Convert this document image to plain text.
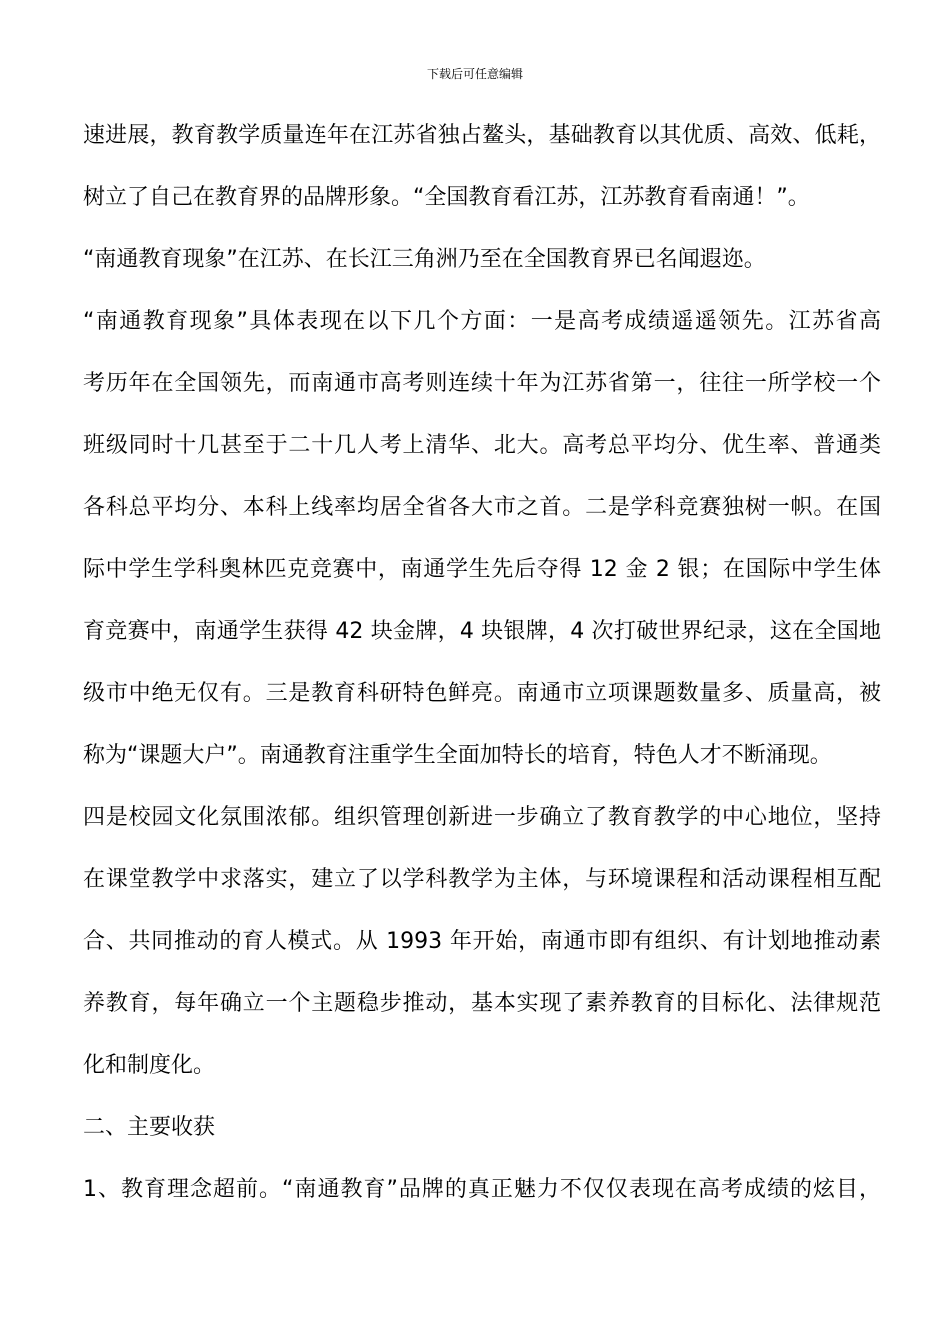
下载后可任意编辑
速进展，教育教学质量连年在江苏省独占鳌头，基础教育以其优质、高效、低耗，
树立了自己在教育界的品牌形象。“全国教育看江苏，江苏教育看南通！”。
“南通教育现象”在江苏、在长江三角洲乃至在全国教育界已名闻遐迩。
“南通教育现象”具体表现在以下几个方面：一是高考成绩遥遥领先。江苏省高
考历年在全国领先，而南通市高考则连续十年为江苏省第一，往往一所学校一个
班级同时十几甚至于二十几人考上清华、北大。高考总平均分、优生率、普通类
各科总平均分、本科上线率均居全省各大市之首。二是学科竞赛独树一帜。在国
际中学生学科奥林匹克竞赛中，南通学生先后夺得 12 金 2 银；在国际中学生体
育竞赛中，南通学生获得 42 块金牌，4 块银牌，4 次打破世界纪录，这在全国地
级市中绝无仅有。三是教育科研特色鲜亮。南通市立项课题数量多、质量高，被
称为“课题大户”。南通教育注重学生全面加特长的培育，特色人才不断涌现。
四是校园文化氛围浓郁。组织管理创新进一步确立了教育教学的中心地位，坚持
在课堂教学中求落实，建立了以学科教学为主体，与环境课程和活动课程相互配
合、共同推动的育人模式。从 1993 年开始，南通市即有组织、有计划地推动素
养教育，每年确立一个主题稳步推动，基本实现了素养教育的目标化、法律规范
化和制度化。
二、主要收获
1、教育理念超前。“南通教育”品牌的真正魅力不仅仅表现在高考成绩的炫目，
